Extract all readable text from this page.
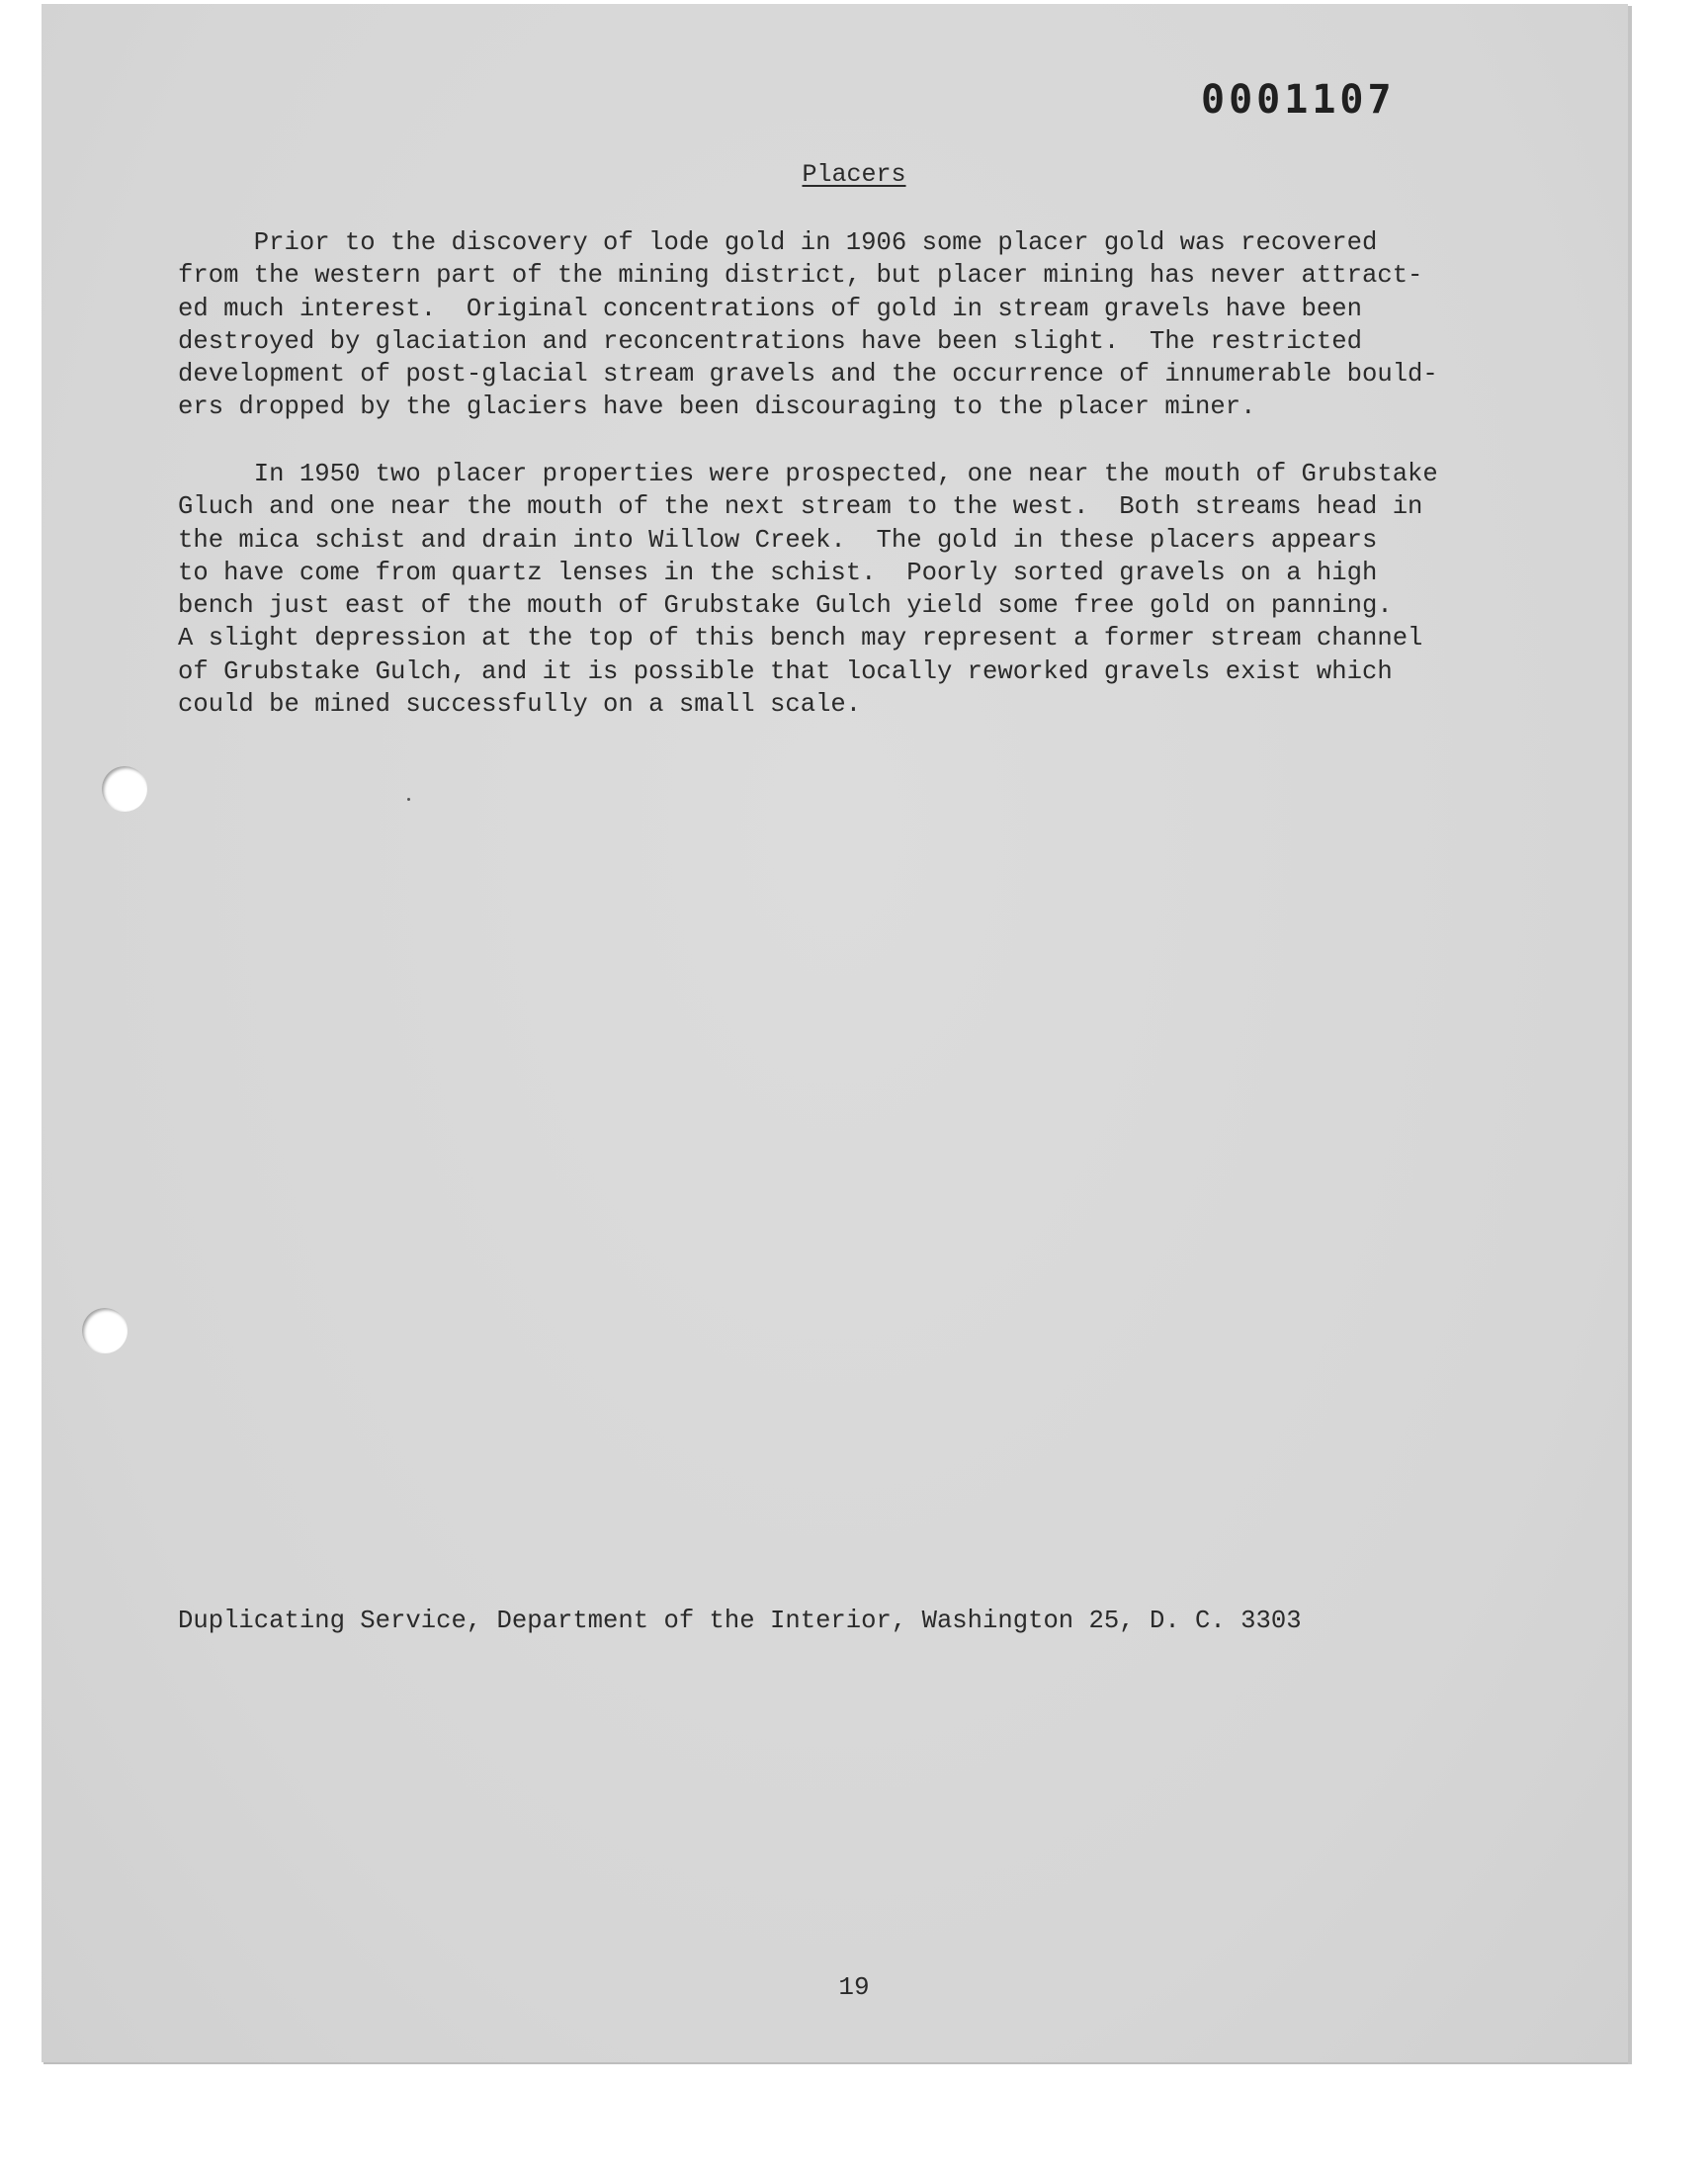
0001107
Placers
Prior to the discovery of lode gold in 1906 some placer gold was recovered
from the western part of the mining district, but placer mining has never attract-
ed much interest.  Original concentrations of gold in stream gravels have been
destroyed by glaciation and reconcentrations have been slight.  The restricted
development of post-glacial stream gravels and the occurrence of innumerable bould-
ers dropped by the glaciers have been discouraging to the placer miner.
In 1950 two placer properties were prospected, one near the mouth of Grubstake
Gluch and one near the mouth of the next stream to the west.  Both streams head in
the mica schist and drain into Willow Creek.  The gold in these placers appears
to have come from quartz lenses in the schist.  Poorly sorted gravels on a high
bench just east of the mouth of Grubstake Gulch yield some free gold on panning.
A slight depression at the top of this bench may represent a former stream channel
of Grubstake Gulch, and it is possible that locally reworked gravels exist which
could be mined successfully on a small scale.
Duplicating Service, Department of the Interior, Washington 25, D. C. 3303
19
